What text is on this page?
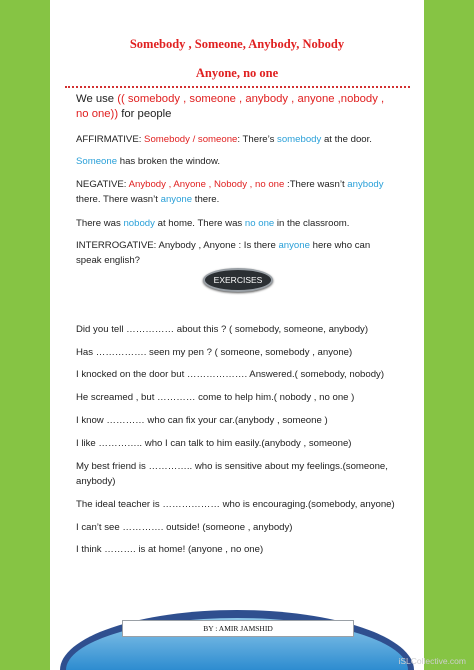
Somebody , Someone, Anybody, Nobody
Anyone, no one
We use (( somebody , someone , anybody , anyone ,nobody ,
no one)) for people
AFFIRMATIVE: Somebody / someone: There’s somebody at the door.
Someone has broken the window.
NEGATIVE: Anybody , Anyone , Nobody , no one :There wasn’t anybody
there. There wasn’t anyone there.
There was nobody at home. There was no one in the classroom.
INTERROGATIVE: Anybody , Anyone : Is there anyone here who can
speak english?
EXERCISES
Did you tell …………… about this ? ( somebody, someone, anybody)
Has ……………. seen my pen ? ( someone, somebody , anyone)
I knocked on the door but ………………. Answered.( somebody, nobody)
He screamed , but ………… come to help him.( nobody , no one )
I know ………… who can fix your car.(anybody , someone )
I like ………….. who I can talk to him easily.(anybody , someone)
My best friend is ………….. who is sensitive about my feelings.(someone,
anybody)
The ideal teacher is ……………… who is encouraging.(somebody, anyone)
I can’t see …………. outside! (someone , anybody)
I think ………. is at home! (anyone , no one)
BY : AMIR JAMSHID
iSLCollective.com
